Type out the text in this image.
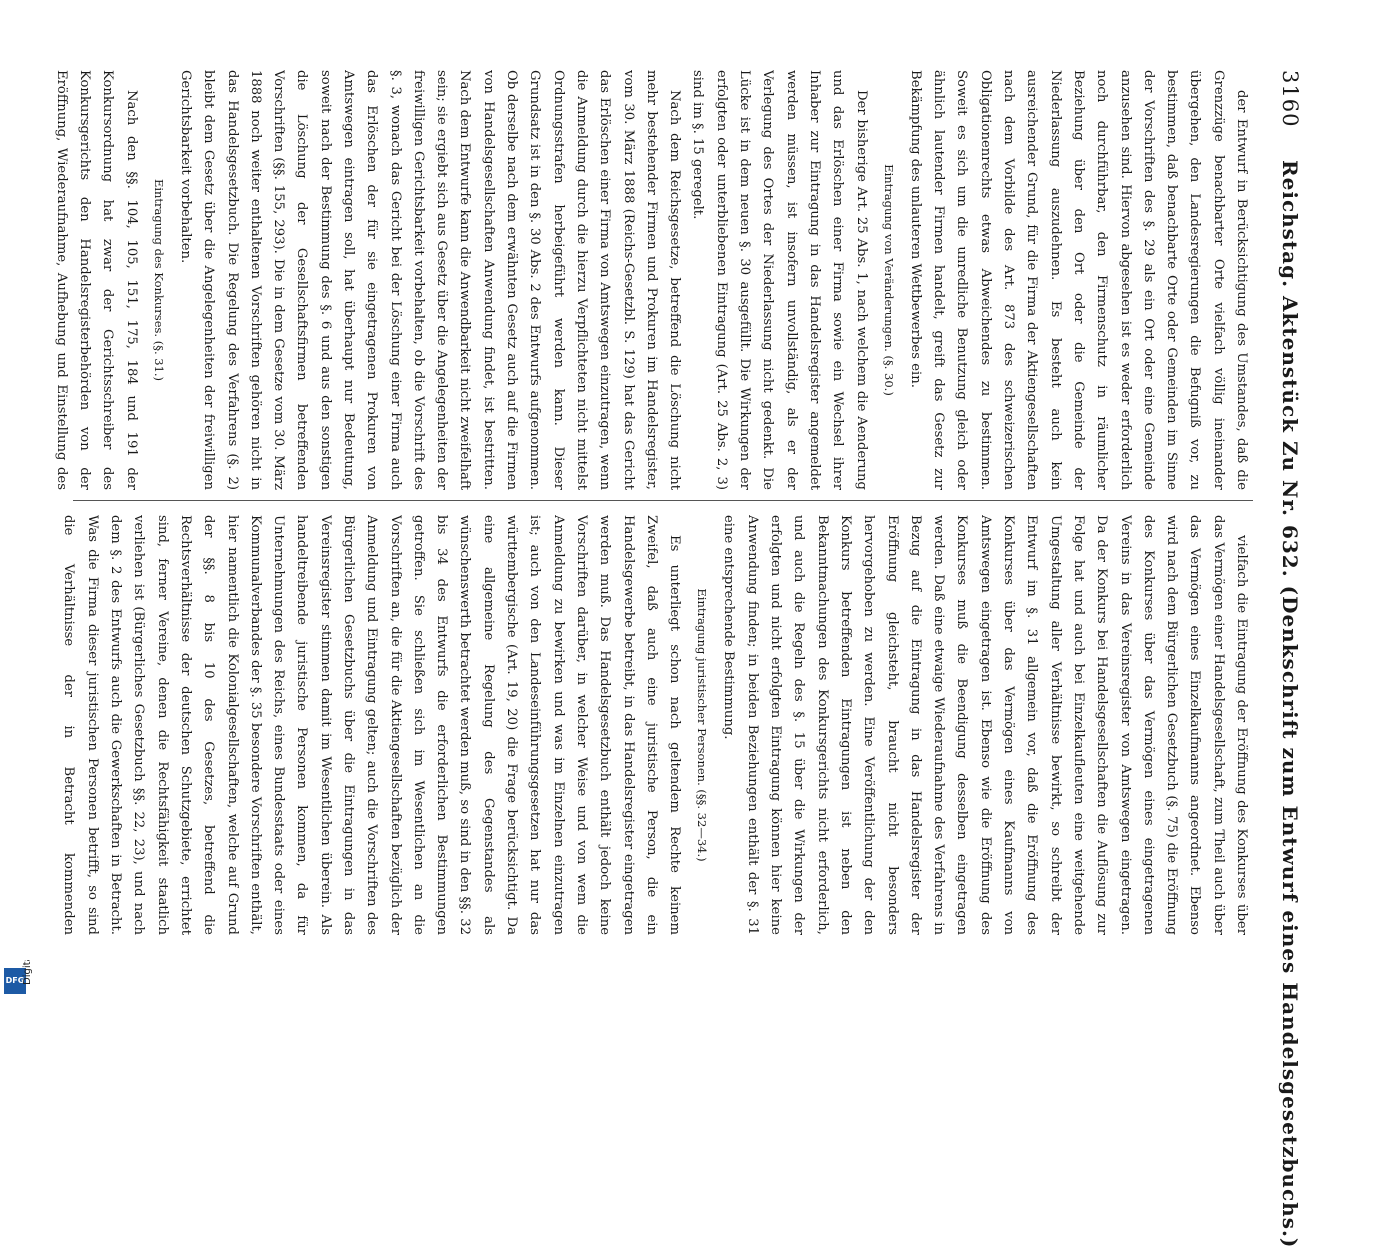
DFG
3160
Reichstag. Aktenstück Zu Nr. 632. (Denkschrift zum Entwurf eines Handelsgesetzbuchs.)

der Entwurf in Berücksichtigung des Umstandes, daß die Grenzzüge benachbarter Orte vielfach völlig ineinander übergehen, den Landesregierungen die Befugniß vor, zu bestimmen, daß benachbarte Orte oder Gemeinden im Sinne der Vorschriften des §. 29 als ein Ort oder eine Gemeinde anzusehen sind. Hiervon abgesehen ist es weder erforderlich noch durchführbar, den Firmenschutz in räumlicher Beziehung über den Ort oder die Gemeinde der Niederlassung auszudehnen. Es besteht auch kein ausreichender Grund, für die Firma der Aktiengesellschaften nach dem Vorbilde des Art. 873 des schweizerischen Obligationenrechts etwas Abweichendes zu bestimmen. Soweit es sich um die unredliche Benutzung gleich oder ähnlich lautender Firmen handelt, greift das Gesetz zur Bekämpfung des unlauteren Wettbewerbes ein.

Eintragung von Veränderungen. (§. 30.)

Der bisherige Art. 25 Abs. 1, nach welchem die Aenderung und das Erlöschen einer Firma sowie ein Wechsel ihrer Inhaber zur Eintragung in das Handelsregister angemeldet werden müssen, ist insofern unvollständig, als er der Verlegung des Ortes der Niederlassung nicht gedenkt. Die Lücke ist in dem neuen §. 30 ausgefüllt. Die Wirkungen der erfolgten oder unterbliebenen Eintragung (Art. 25 Abs. 2, 3) sind im §. 15 geregelt.

Nach dem Reichsgesetze, betreffend die Löschung nicht mehr bestehender Firmen und Prokuren im Handelsregister, vom 30. März 1888 (Reichs-Gesetzbl. S. 129) hat das Gericht das Erlöschen einer Firma von Amtswegen einzutragen, wenn die Anmeldung durch die hierzu Verpflichteten nicht mittelst Ordnungsstrafen herbeigeführt werden kann. Dieser Grundsatz ist in den §. 30 Abs. 2 des Entwurfs aufgenommen. Ob derselbe nach dem erwähnten Gesetz auch auf die Firmen von Handelsgesellschaften Anwendung findet, ist bestritten. Nach dem Entwurfe kann die Anwendbarkeit nicht zweifelhaft sein; sie ergiebt sich aus Gesetz über die Angelegenheiten der freiwilligen Gerichtsbarkeit vorbehalten, ob die Vorschrift des §. 3, wonach das Gericht bei der Löschung einer Firma auch das Erlöschen der für sie eingetragenen Prokuren von Amtswegen eintragen soll, hat überhaupt nur Bedeutung, soweit nach der Bestimmung des §. 6 und aus den sonstigen die Löschung der Gesellschaftsfirmen betreffenden Vorschriften (§§. 155, 293). Die in dem Gesetze vom 30. März 1888 noch weiter enthaltenen Vorschriften gehören nicht in das Handelsgesetzbuch. Die Regelung des Verfahrens (§. 2) bleibt dem Gesetz über die Angelegenheiten der freiwilligen Gerichtsbarkeit vorbehalten.

Eintragung des Konkurses. (§. 31.)

Nach den §§. 104, 105, 151, 175, 184 und 191 der Konkursordnung hat zwar der Gerichtsschreiber des Konkursgerichts den Handelsregisterbehörden von der Eröffnung, Wiederaufnahme, Aufhebung und Einstellung des

vielfach die Eintragung der Eröffnung des Konkurses über das Vermögen einer Handelsgesellschaft, zum Theil auch über das Vermögen eines Einzelkaufmanns angeordnet. Ebenso wird nach dem Bürgerlichen Gesetzbuch (§. 75) die Eröffnung des Konkurses über das Vermögen eines eingetragenen Vereins in das Vereinsregister von Amtswegen eingetragen. Da der Konkurs bei Handelsgesellschaften die Auflösung zur Folge hat und auch bei Einzelkaufleuten eine weitgehende Umgestaltung aller Verhältnisse bewirkt, so schreibt der Entwurf im §. 31 allgemein vor, daß die Eröffnung des Konkurses über das Vermögen eines Kaufmanns von Amtswegen eingetragen ist. Ebenso wie die Eröffnung des Konkurses muß die Beendigung desselben eingetragen werden. Daß eine etwaige Wiederaufnahme des Verfahrens in Bezug auf die Eintragung in das Handelsregister der Eröffnung gleichsteht, braucht nicht besonders hervorgehoben zu werden. Eine Veröffentlichung der den Konkurs betreffenden Eintragungen ist neben den Bekanntmachungen des Konkursgerichts nicht erforderlich, und auch die Regeln des §. 15 über die Wirkungen der erfolgten und nicht erfolgten Eintragung können hier keine Anwendung finden; in beiden Beziehungen enthält der §. 31 eine entsprechende Bestimmung.

Eintragung juristischer Personen. (§§. 32—34.)

Es unterliegt schon nach geltendem Rechte keinem Zweifel, daß auch eine juristische Person, die ein Handelsgewerbe betreibt, in das Handelsregister eingetragen werden muß. Das Handelsgesetzbuch enthält jedoch keine Vorschriften darüber, in welcher Weise und von wem die Anmeldung zu bewirken und was im Einzelnen einzutragen ist; auch von den Landeseinführungsgesetzen hat nur das württembergische (Art. 19, 20) die Frage berücksichtigt. Da eine allgemeine Regelung des Gegenstandes als wünschenswerth betrachtet werden muß, so sind in den §§. 32 bis 34 des Entwurfs die erforderlichen Bestimmungen getroffen. Sie schließen sich im Wesentlichen an die Vorschriften an, die für die Aktiengesellschaften bezüglich der Anmeldung und Eintragung gelten; auch die Vorschriften des Bürgerlichen Gesetzbuchs über die Eintragungen in das Vereinsregister stimmen damit im Wesentlichen überein. Als handeltreibende juristische Personen kommen, da für Unternehmungen des Reichs, eines Bundesstaats oder eines Kommunalverbandes der §. 35 besondere Vorschriften enthält, hier namentlich die Kolonialgesellschaften, welche auf Grund der §§. 8 bis 10 des Gesetzes, betreffend die Rechtsverhältnisse der deutschen Schutzgebiete, errichtet sind, ferner Vereine, denen die Rechtsfähigkeit staatlich verliehen ist (Bürgerliches Gesetzbuch §§. 22, 23), und nach dem §. 2 des Entwurfs auch die Gewerkschaften in Betracht. Was die Firma dieser juristischen Personen betrifft, so sind die Verhältnisse der in Betracht kommenden
